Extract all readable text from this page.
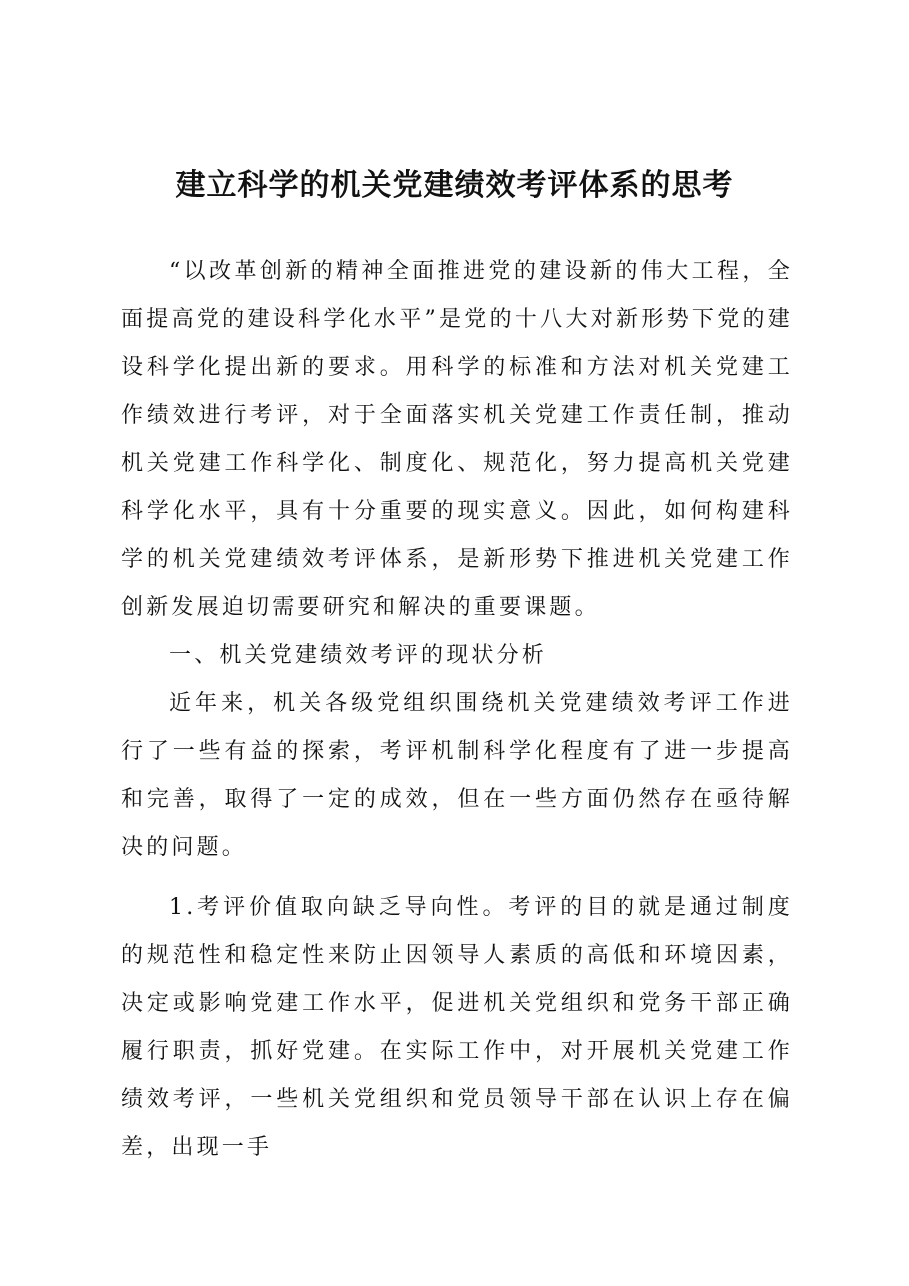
建立科学的机关党建绩效考评体系的思考

“以改革创新的精神全面推进党的建设新的伟大工程，全面提高党的建设科学化水平”是党的十八大对新形势下党的建设科学化提出新的要求。用科学的标准和方法对机关党建工作绩效进行考评，对于全面落实机关党建工作责任制，推动机关党建工作科学化、制度化、规范化，努力提高机关党建科学化水平，具有十分重要的现实意义。因此，如何构建科学的机关党建绩效考评体系，是新形势下推进机关党建工作创新发展迫切需要研究和解决的重要课题。

一、机关党建绩效考评的现状分析

近年来，机关各级党组织围绕机关党建绩效考评工作进行了一些有益的探索，考评机制科学化程度有了进一步提高和完善，取得了一定的成效，但在一些方面仍然存在亟待解决的问题。

1.考评价值取向缺乏导向性。考评的目的就是通过制度的规范性和稳定性来防止因领导人素质的高低和环境因素，决定或影响党建工作水平，促进机关党组织和党务干部正确履行职责，抓好党建。在实际工作中，对开展机关党建工作绩效考评，一些机关党组织和党员领导干部在认识上存在偏差，出现一手
